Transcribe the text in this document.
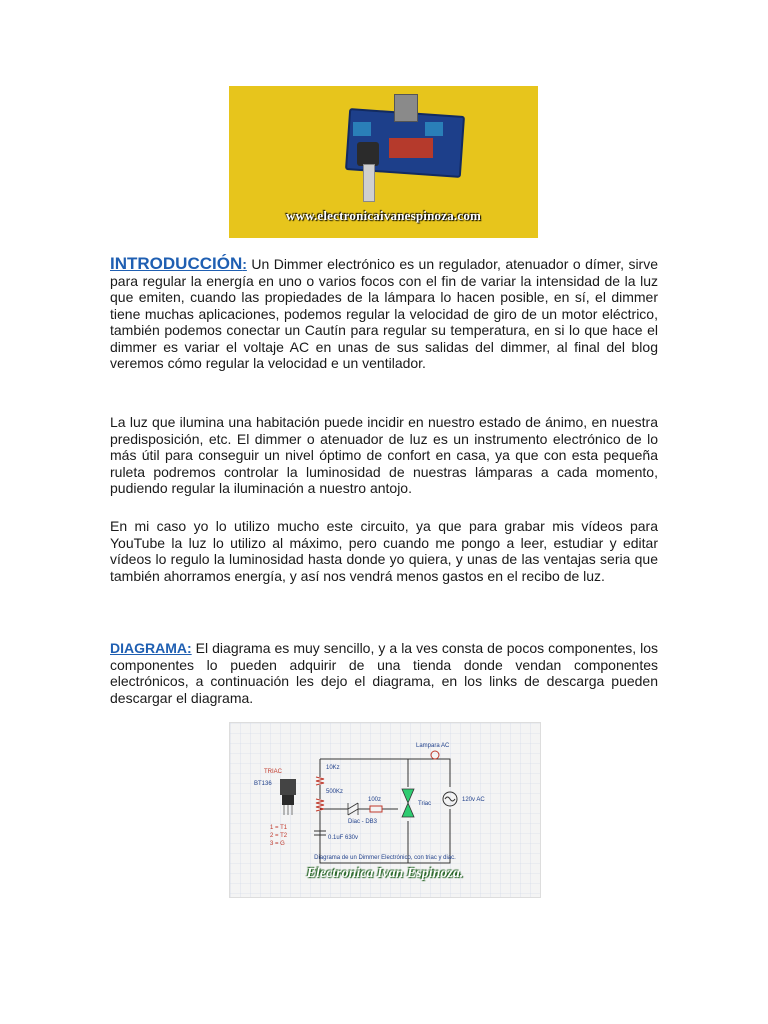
www.electronicaivanespinoza.com

INTRODUCCIÓN: Un Dimmer electrónico es un regulador, atenuador o dímer, sirve para regular la energía en uno o varios focos con el fin de variar la intensidad de la luz que emiten, cuando las propiedades de la lámpara lo hacen posible, en sí, el dimmer tiene muchas aplicaciones, podemos regular la velocidad de giro de un motor eléctrico, también podemos conectar un Cautín para regular su temperatura, en si lo que hace el dimmer es variar el voltaje AC en unas de sus salidas del dimmer, al final del blog veremos cómo regular la velocidad e un ventilador.

La luz que ilumina una habitación puede incidir en nuestro estado de ánimo, en nuestra predisposición, etc. El dimmer o atenuador de luz es un instrumento electrónico de lo más útil para conseguir un nivel óptimo de confort en casa, ya que con esta pequeña ruleta podremos controlar la luminosidad de nuestras lámparas a cada momento, pudiendo regular la iluminación a nuestro antojo.

En mi caso yo lo utilizo mucho este circuito, ya que para grabar mis vídeos para YouTube la luz lo utilizo al máximo, pero cuando me pongo a leer, estudiar y editar vídeos lo regulo la luminosidad hasta donde yo quiera, y unas de las ventajas seria que también ahorramos energía, y así nos vendrá menos gastos en el recibo de luz.

DIAGRAMA: El diagrama es muy sencillo, y a la ves consta de pocos componentes, los componentes lo pueden adquirir de una tienda donde vendan componentes electrónicos, a continuación les dejo el diagrama, en los links de descarga pueden descargar el diagrama.

TRIAC
BT136
Lampara AC
10Kz
500Kz
100z
Diac - DB3
Triac
120v AC
0.1uF 630v
1 = T1
2 = T2
3 = G
Diagrama de un Dimmer Electrónico, con triac y diac.
Electronica Ivan Espinoza.
